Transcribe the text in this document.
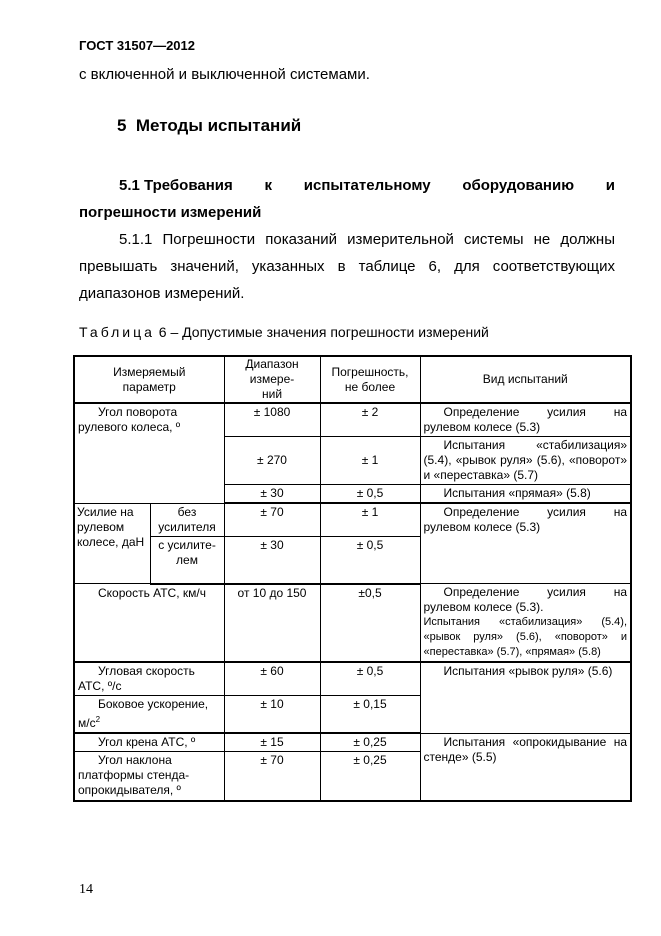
ГОСТ 31507—2012
с включенной и выключенной системами.
5  Методы испытаний
5.1 Требования к испытательному оборудованию и
погрешности измерений
5.1.1 Погрешности показаний измерительной системы не должны превышать значений, указанных в таблице 6, для соответствующих диапазонов измерений.
Таблица 6 – Допустимые значения погрешности измерений
Измеряемый параметр		Диапазон измере-ний	Погрешность, не более	Вид испытаний
Угол поворота рулевого колеса, º		± 1080	± 2	Определение усилия на рулевом колесе (5.3)
		± 270	± 1	Испытания «стабилизация» (5.4), «рывок руля» (5.6), «поворот» и «переставка» (5.7)
		± 30	± 0,5	Испытания «прямая» (5.8)
Усилие на рулевом колесе, даН	без усилителя	± 70	± 1	Определение усилия на рулевом колесе (5.3)
	с усилите-лем	± 30	± 0,5	
Скорость АТС, км/ч		от 10 до 150	±0,5	Определение усилия на рулевом колесе (5.3).
Испытания «стабилизация» (5.4), «рывок руля» (5.6), «поворот» и «переставка» (5.7), «прямая» (5.8)

Угловая скорость АТС, º/с		± 60	± 0,5	Испытания «рывок руля» (5.6)
Боковое ускорение, $м/с^2$		± 10	± 0,15	
Угол крена АТС, º		± 15	± 0,25	Испытания «опрокидывание на стенде» (5.5)
Угол наклона платформы стенда-опрокидывателя, º		± 70	± 0,25	
14
